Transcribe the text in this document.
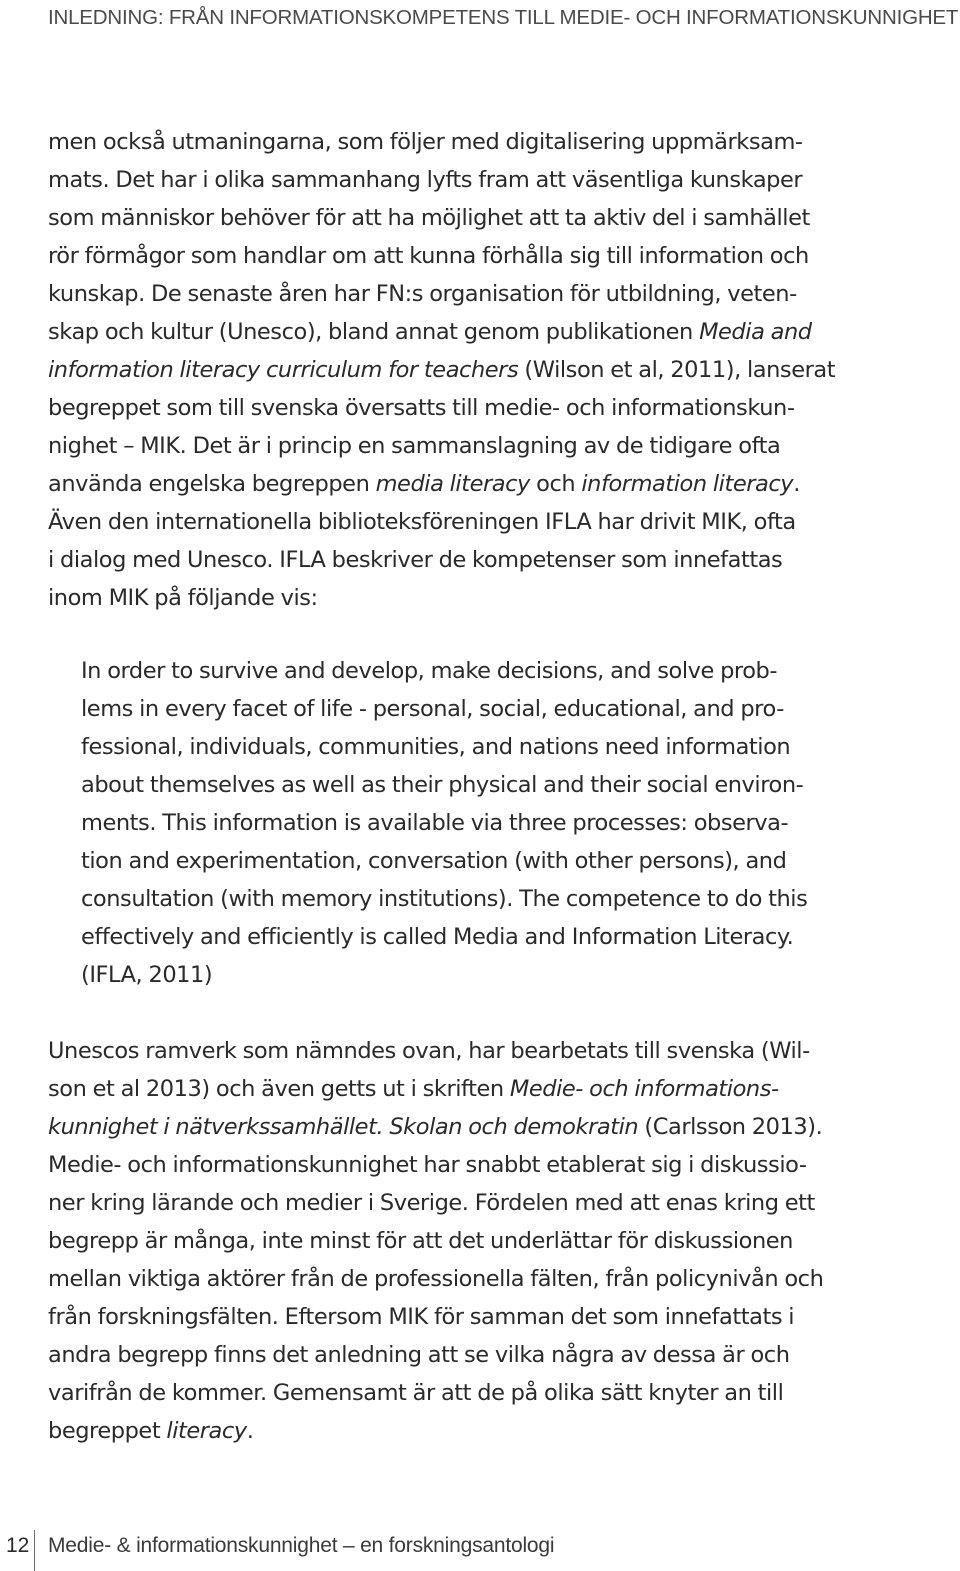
INLEDNING: FRÅN INFORMATIONSKOMPETENS TILL MEDIE- OCH INFORMATIONSKUNNIGHET
men också utmaningarna, som följer med digitalisering uppmärksam-
mats. Det har i olika sammanhang lyfts fram att väsentliga kunskaper
som människor behöver för att ha möjlighet att ta aktiv del i samhället
rör förmågor som handlar om att kunna förhålla sig till information och
kunskap. De senaste åren har FN:s organisation för utbildning, veten-
skap och kultur (Unesco), bland annat genom publikationen Media and
information literacy curriculum for teachers (Wilson et al, 2011), lanserat
begreppet som till svenska översatts till medie- och informationskun-
nighet – MIK. Det är i princip en sammanslagning av de tidigare ofta
använda engelska begreppen media literacy och information literacy.
Även den internationella biblioteksföreningen IFLA har drivit MIK, ofta
i dialog med Unesco. IFLA beskriver de kompetenser som innefattas
inom MIK på följande vis:
In order to survive and develop, make decisions, and solve prob-
lems in every facet of life - personal, social, educational, and pro-
fessional, individuals, communities, and nations need information
about themselves as well as their physical and their social environ-
ments. This information is available via three processes: observa-
tion and experimentation, conversation (with other persons), and
consultation (with memory institutions). The competence to do this
effectively and efficiently is called Media and Information Literacy.
(IFLA, 2011)
Unescos ramverk som nämndes ovan, har bearbetats till svenska (Wil-
son et al 2013) och även getts ut i skriften Medie- och informations-
kunnighet i nätverkssamhället. Skolan och demokratin (Carlsson 2013).
Medie- och informationskunnighet har snabbt etablerat sig i diskussio-
ner kring lärande och medier i Sverige. Fördelen med att enas kring ett
begrepp är många, inte minst för att det underlättar för diskussionen
mellan viktiga aktörer från de professionella fälten, från policynivån och
från forskningsfälten. Eftersom MIK för samman det som innefattats i
andra begrepp finns det anledning att se vilka några av dessa är och
varifrån de kommer. Gemensamt är att de på olika sätt knyter an till
begreppet literacy.
12 Medie- & informationskunnighet – en forskningsantologi
